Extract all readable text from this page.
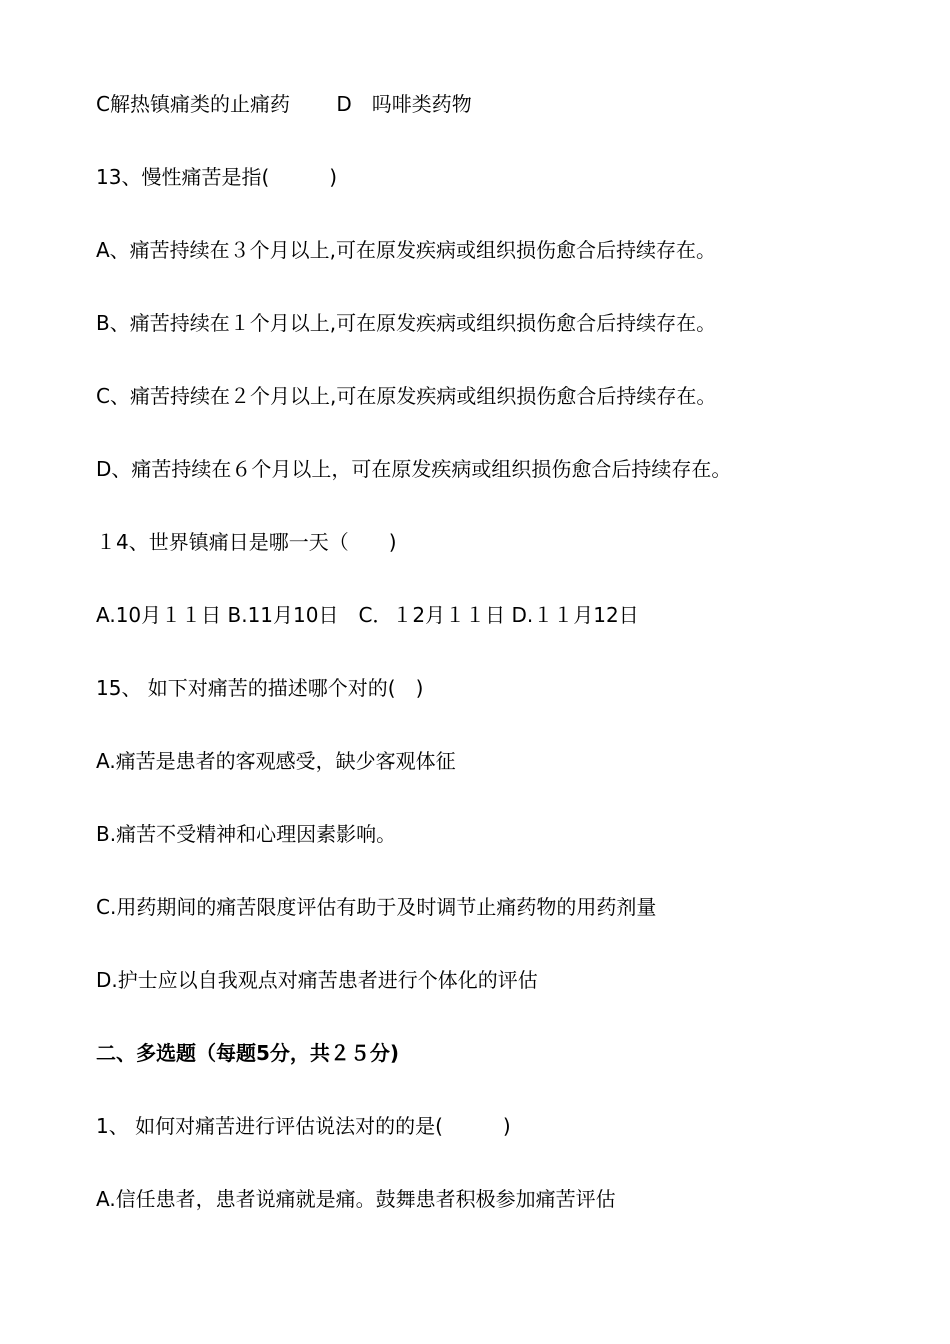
C解热镇痛类的止痛药　　 D　吗啡类药物
13、慢性痛苦是指(　　　)
A、痛苦持续在３个月以上,可在原发疾病或组织损伤愈合后持续存在。
B、痛苦持续在１个月以上,可在原发疾病或组织损伤愈合后持续存在。
C、痛苦持续在２个月以上,可在原发疾病或组织损伤愈合后持续存在。
D、痛苦持续在６个月以上，可在原发疾病或组织损伤愈合后持续存在。
１4、世界镇痛日是哪一天（　　)
A.10月１１日 B.11月10日　C．１2月１１日 D.１１月12日
15、 如下对痛苦的描述哪个对的(　)
A.痛苦是患者的客观感受，缺少客观体征
B.痛苦不受精神和心理因素影响。
C.用药期间的痛苦限度评估有助于及时调节止痛药物的用药剂量
D.护士应以自我观点对痛苦患者进行个体化的评估
二、多选题（每题5分，共２５分)
1、 如何对痛苦进行评估说法对的的是(　　　)
A.信任患者，患者说痛就是痛。鼓舞患者积极参加痛苦评估
